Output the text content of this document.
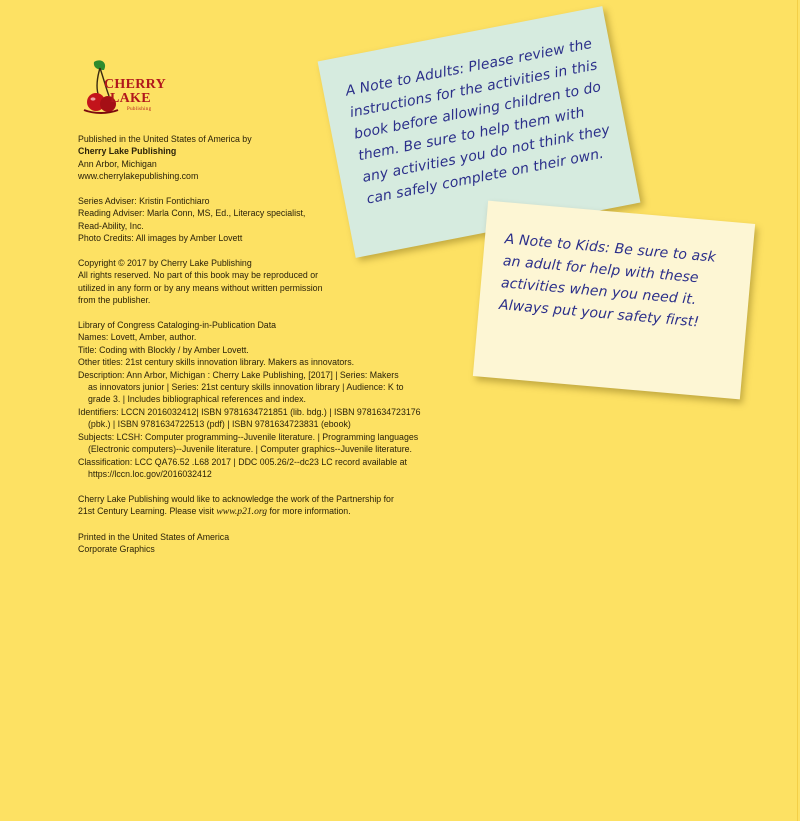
CHERRY
LAKE
Publishing

Published in the United States of America by

Cherry Lake Publishing

Ann Arbor, Michigan

www.cherrylakepublishing.com

Series Adviser: Kristin Fontichiaro

Reading Adviser: Marla Conn, MS, Ed., Literacy specialist,

Read-Ability, Inc.

Photo Credits: All images by Amber Lovett

Copyright © 2017 by Cherry Lake Publishing

All rights reserved. No part of this book may be reproduced or

utilized in any form or by any means without written permission

from the publisher.

Library of Congress Cataloging-in-Publication Data

Names: Lovett, Amber, author.

Title: Coding with Blockly / by Amber Lovett.

Other titles: 21st century skills innovation library. Makers as innovators.

Description: Ann Arbor, Michigan : Cherry Lake Publishing, [2017] | Series: Makers

as innovators junior | Series: 21st century skills innovation library | Audience: K to

grade 3. | Includes bibliographical references and index.

Identifiers: LCCN 2016032412| ISBN 9781634721851 (lib. bdg.) | ISBN 9781634723176

(pbk.) | ISBN 9781634722513 (pdf) | ISBN 9781634723831 (ebook)

Subjects: LCSH: Computer programming--Juvenile literature. | Programming languages

(Electronic computers)--Juvenile literature. | Computer graphics--Juvenile literature.

Classification: LCC QA76.52 .L68 2017 | DDC 005.26/2--dc23 LC record available at

https://lccn.loc.gov/2016032412

Cherry Lake Publishing would like to acknowledge the work of the Partnership for

21st Century Learning. Please visit www.p21.org for more information.

Printed in the United States of America

Corporate Graphics

A Note to Adults: Please review the instructions for the activities in this book before allowing children to do them. Be sure to help them with any activities you do not think they can safely complete on their own.
A Note to Kids: Be sure to ask an adult for help with these activities when you need it. Always put your safety first!
